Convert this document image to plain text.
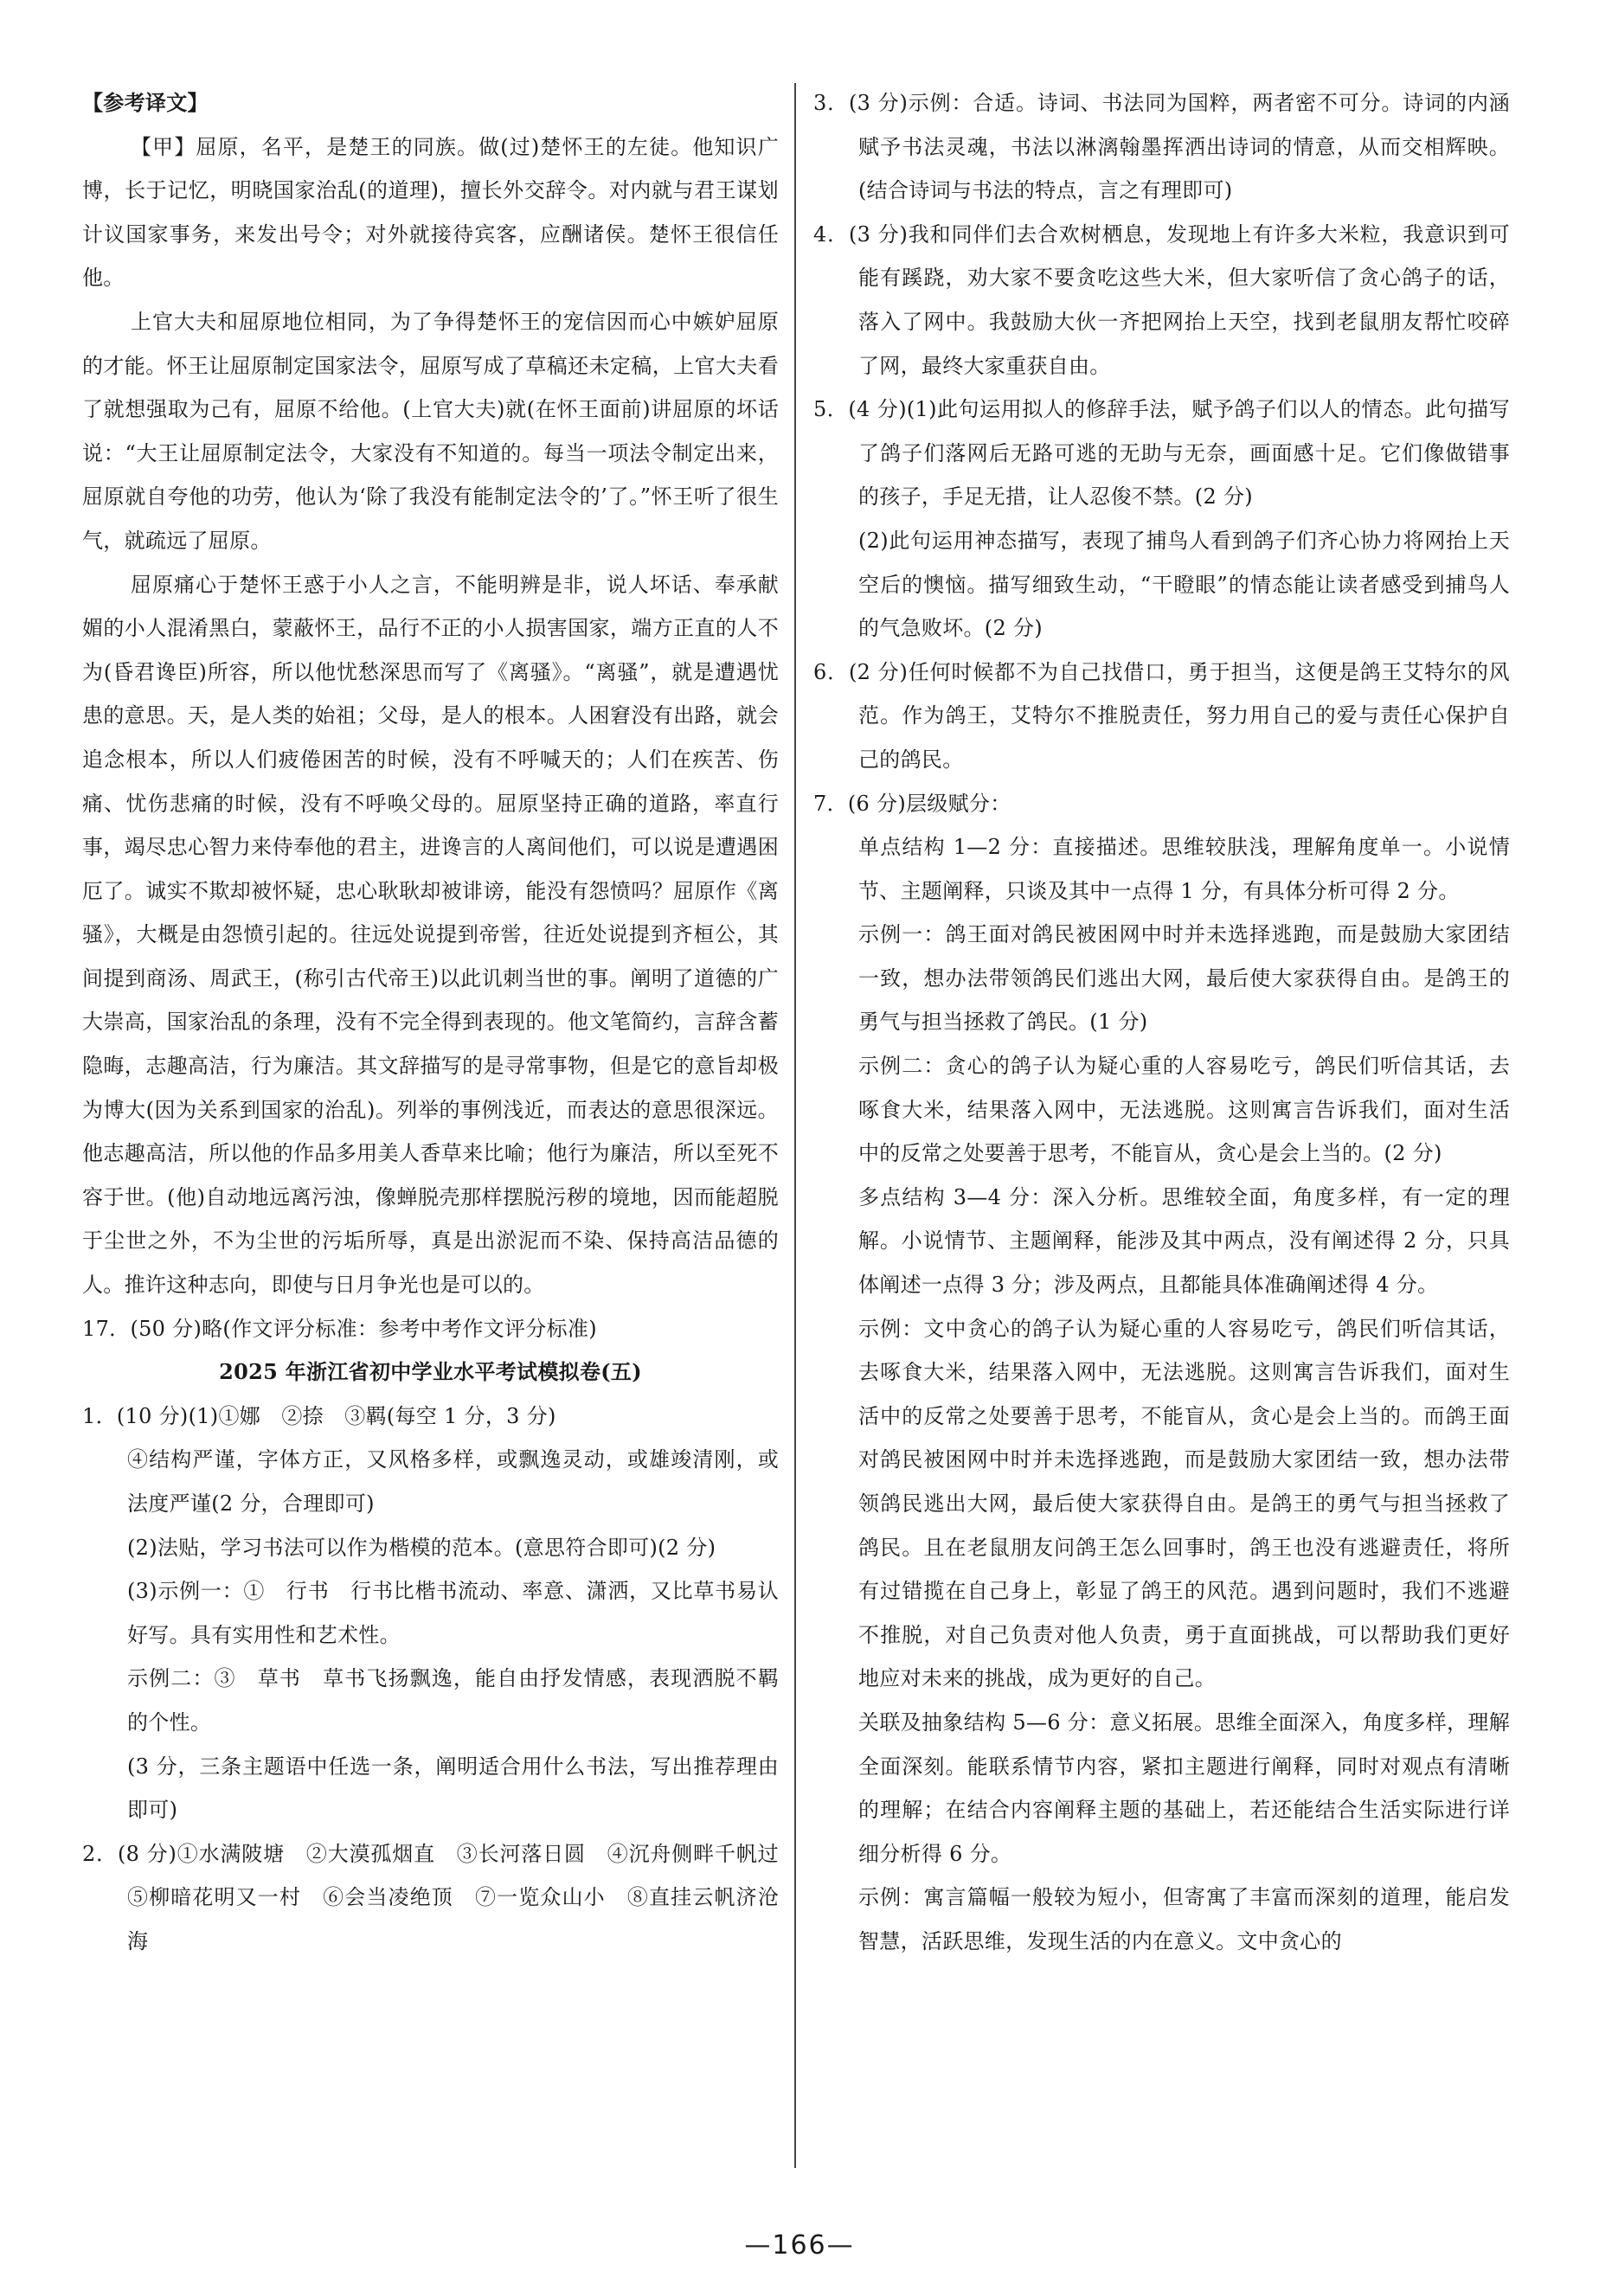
【参考译文】

【甲】屈原，名平，是楚王的同族。做(过)楚怀王的左徒。他知识广博，长于记忆，明晓国家治乱(的道理)，擅长外交辞令。对内就与君王谋划计议国家事务，来发出号令；对外就接待宾客，应酬诸侯。楚怀王很信任他。

上官大夫和屈原地位相同，为了争得楚怀王的宠信因而心中嫉妒屈原的才能。怀王让屈原制定国家法令，屈原写成了草稿还未定稿，上官大夫看了就想强取为己有，屈原不给他。(上官大夫)就(在怀王面前)讲屈原的坏话说：“大王让屈原制定法令，大家没有不知道的。每当一项法令制定出来，屈原就自夸他的功劳，他认为‘除了我没有能制定法令的’了。”怀王听了很生气，就疏远了屈原。

屈原痛心于楚怀王惑于小人之言，不能明辨是非，说人坏话、奉承献媚的小人混淆黑白，蒙蔽怀王，品行不正的小人损害国家，端方正直的人不为(昏君谗臣)所容，所以他忧愁深思而写了《离骚》。“离骚”，就是遭遇忧患的意思。天，是人类的始祖；父母，是人的根本。人困窘没有出路，就会追念根本，所以人们疲倦困苦的时候，没有不呼喊天的；人们在疾苦、伤痛、忧伤悲痛的时候，没有不呼唤父母的。屈原坚持正确的道路，率直行事，竭尽忠心智力来侍奉他的君主，进谗言的人离间他们，可以说是遭遇困厄了。诚实不欺却被怀疑，忠心耿耿却被诽谤，能没有怨愤吗？屈原作《离骚》，大概是由怨愤引起的。往远处说提到帝喾，往近处说提到齐桓公，其间提到商汤、周武王，(称引古代帝王)以此讥刺当世的事。阐明了道德的广大崇高，国家治乱的条理，没有不完全得到表现的。他文笔简约，言辞含蓄隐晦，志趣高洁，行为廉洁。其文辞描写的是寻常事物，但是它的意旨却极为博大(因为关系到国家的治乱)。列举的事例浅近，而表达的意思很深远。他志趣高洁，所以他的作品多用美人香草来比喻；他行为廉洁，所以至死不容于世。(他)自动地远离污浊，像蝉脱壳那样摆脱污秽的境地，因而能超脱于尘世之外，不为尘世的污垢所辱，真是出淤泥而不染、保持高洁品德的人。推许这种志向，即使与日月争光也是可以的。

17．(50 分)略(作文评分标准：参考中考作文评分标准)

2025 年浙江省初中学业水平考试模拟卷(五)

1．(10 分)(1)①娜　②捺　③羁(每空 1 分，3 分)

④结构严谨，字体方正，又风格多样，或飘逸灵动，或雄竣清刚，或法度严谨(2 分，合理即可)

(2)法贴，学习书法可以作为楷模的范本。(意思符合即可)(2 分)

(3)示例一：①　行书　行书比楷书流动、率意、潇洒，又比草书易认好写。具有实用性和艺术性。

示例二：③　草书　草书飞扬飘逸，能自由抒发情感，表现洒脱不羁的个性。

(3 分，三条主题语中任选一条，阐明适合用什么书法，写出推荐理由即可)

2．(8 分)①水满陂塘　②大漠孤烟直　③长河落日圆　④沉舟侧畔千帆过　⑤柳暗花明又一村　⑥会当凌绝顶　⑦一览众山小　⑧直挂云帆济沧海

3．(3 分)示例：合适。诗词、书法同为国粹，两者密不可分。诗词的内涵赋予书法灵魂，书法以淋漓翰墨挥洒出诗词的情意，从而交相辉映。(结合诗词与书法的特点，言之有理即可)

4．(3 分)我和同伴们去合欢树栖息，发现地上有许多大米粒，我意识到可能有蹊跷，劝大家不要贪吃这些大米，但大家听信了贪心鸽子的话，落入了网中。我鼓励大伙一齐把网抬上天空，找到老鼠朋友帮忙咬碎了网，最终大家重获自由。

5．(4 分)(1)此句运用拟人的修辞手法，赋予鸽子们以人的情态。此句描写了鸽子们落网后无路可逃的无助与无奈，画面感十足。它们像做错事的孩子，手足无措，让人忍俊不禁。(2 分)

(2)此句运用神态描写，表现了捕鸟人看到鸽子们齐心协力将网抬上天空后的懊恼。描写细致生动，“干瞪眼”的情态能让读者感受到捕鸟人的气急败坏。(2 分)

6．(2 分)任何时候都不为自己找借口，勇于担当，这便是鸽王艾特尔的风范。作为鸽王，艾特尔不推脱责任，努力用自己的爱与责任心保护自己的鸽民。

7．(6 分)层级赋分：

单点结构 1—2 分：直接描述。思维较肤浅，理解角度单一。小说情节、主题阐释，只谈及其中一点得 1 分，有具体分析可得 2 分。

示例一：鸽王面对鸽民被困网中时并未选择逃跑，而是鼓励大家团结一致，想办法带领鸽民们逃出大网，最后使大家获得自由。是鸽王的勇气与担当拯救了鸽民。(1 分)

示例二：贪心的鸽子认为疑心重的人容易吃亏，鸽民们听信其话，去啄食大米，结果落入网中，无法逃脱。这则寓言告诉我们，面对生活中的反常之处要善于思考，不能盲从，贪心是会上当的。(2 分)

多点结构 3—4 分：深入分析。思维较全面，角度多样，有一定的理解。小说情节、主题阐释，能涉及其中两点，没有阐述得 2 分，只具体阐述一点得 3 分；涉及两点，且都能具体准确阐述得 4 分。

示例：文中贪心的鸽子认为疑心重的人容易吃亏，鸽民们听信其话，去啄食大米，结果落入网中，无法逃脱。这则寓言告诉我们，面对生活中的反常之处要善于思考，不能盲从，贪心是会上当的。而鸽王面对鸽民被困网中时并未选择逃跑，而是鼓励大家团结一致，想办法带领鸽民逃出大网，最后使大家获得自由。是鸽王的勇气与担当拯救了鸽民。且在老鼠朋友问鸽王怎么回事时，鸽王也没有逃避责任，将所有过错揽在自己身上，彰显了鸽王的风范。遇到问题时，我们不逃避不推脱，对自己负责对他人负责，勇于直面挑战，可以帮助我们更好地应对未来的挑战，成为更好的自己。

关联及抽象结构 5—6 分：意义拓展。思维全面深入，角度多样，理解全面深刻。能联系情节内容，紧扣主题进行阐释，同时对观点有清晰的理解；在结合内容阐释主题的基础上，若还能结合生活实际进行详细分析得 6 分。

示例：寓言篇幅一般较为短小，但寄寓了丰富而深刻的道理，能启发智慧，活跃思维，发现生活的内在意义。文中贪心的

—166—
